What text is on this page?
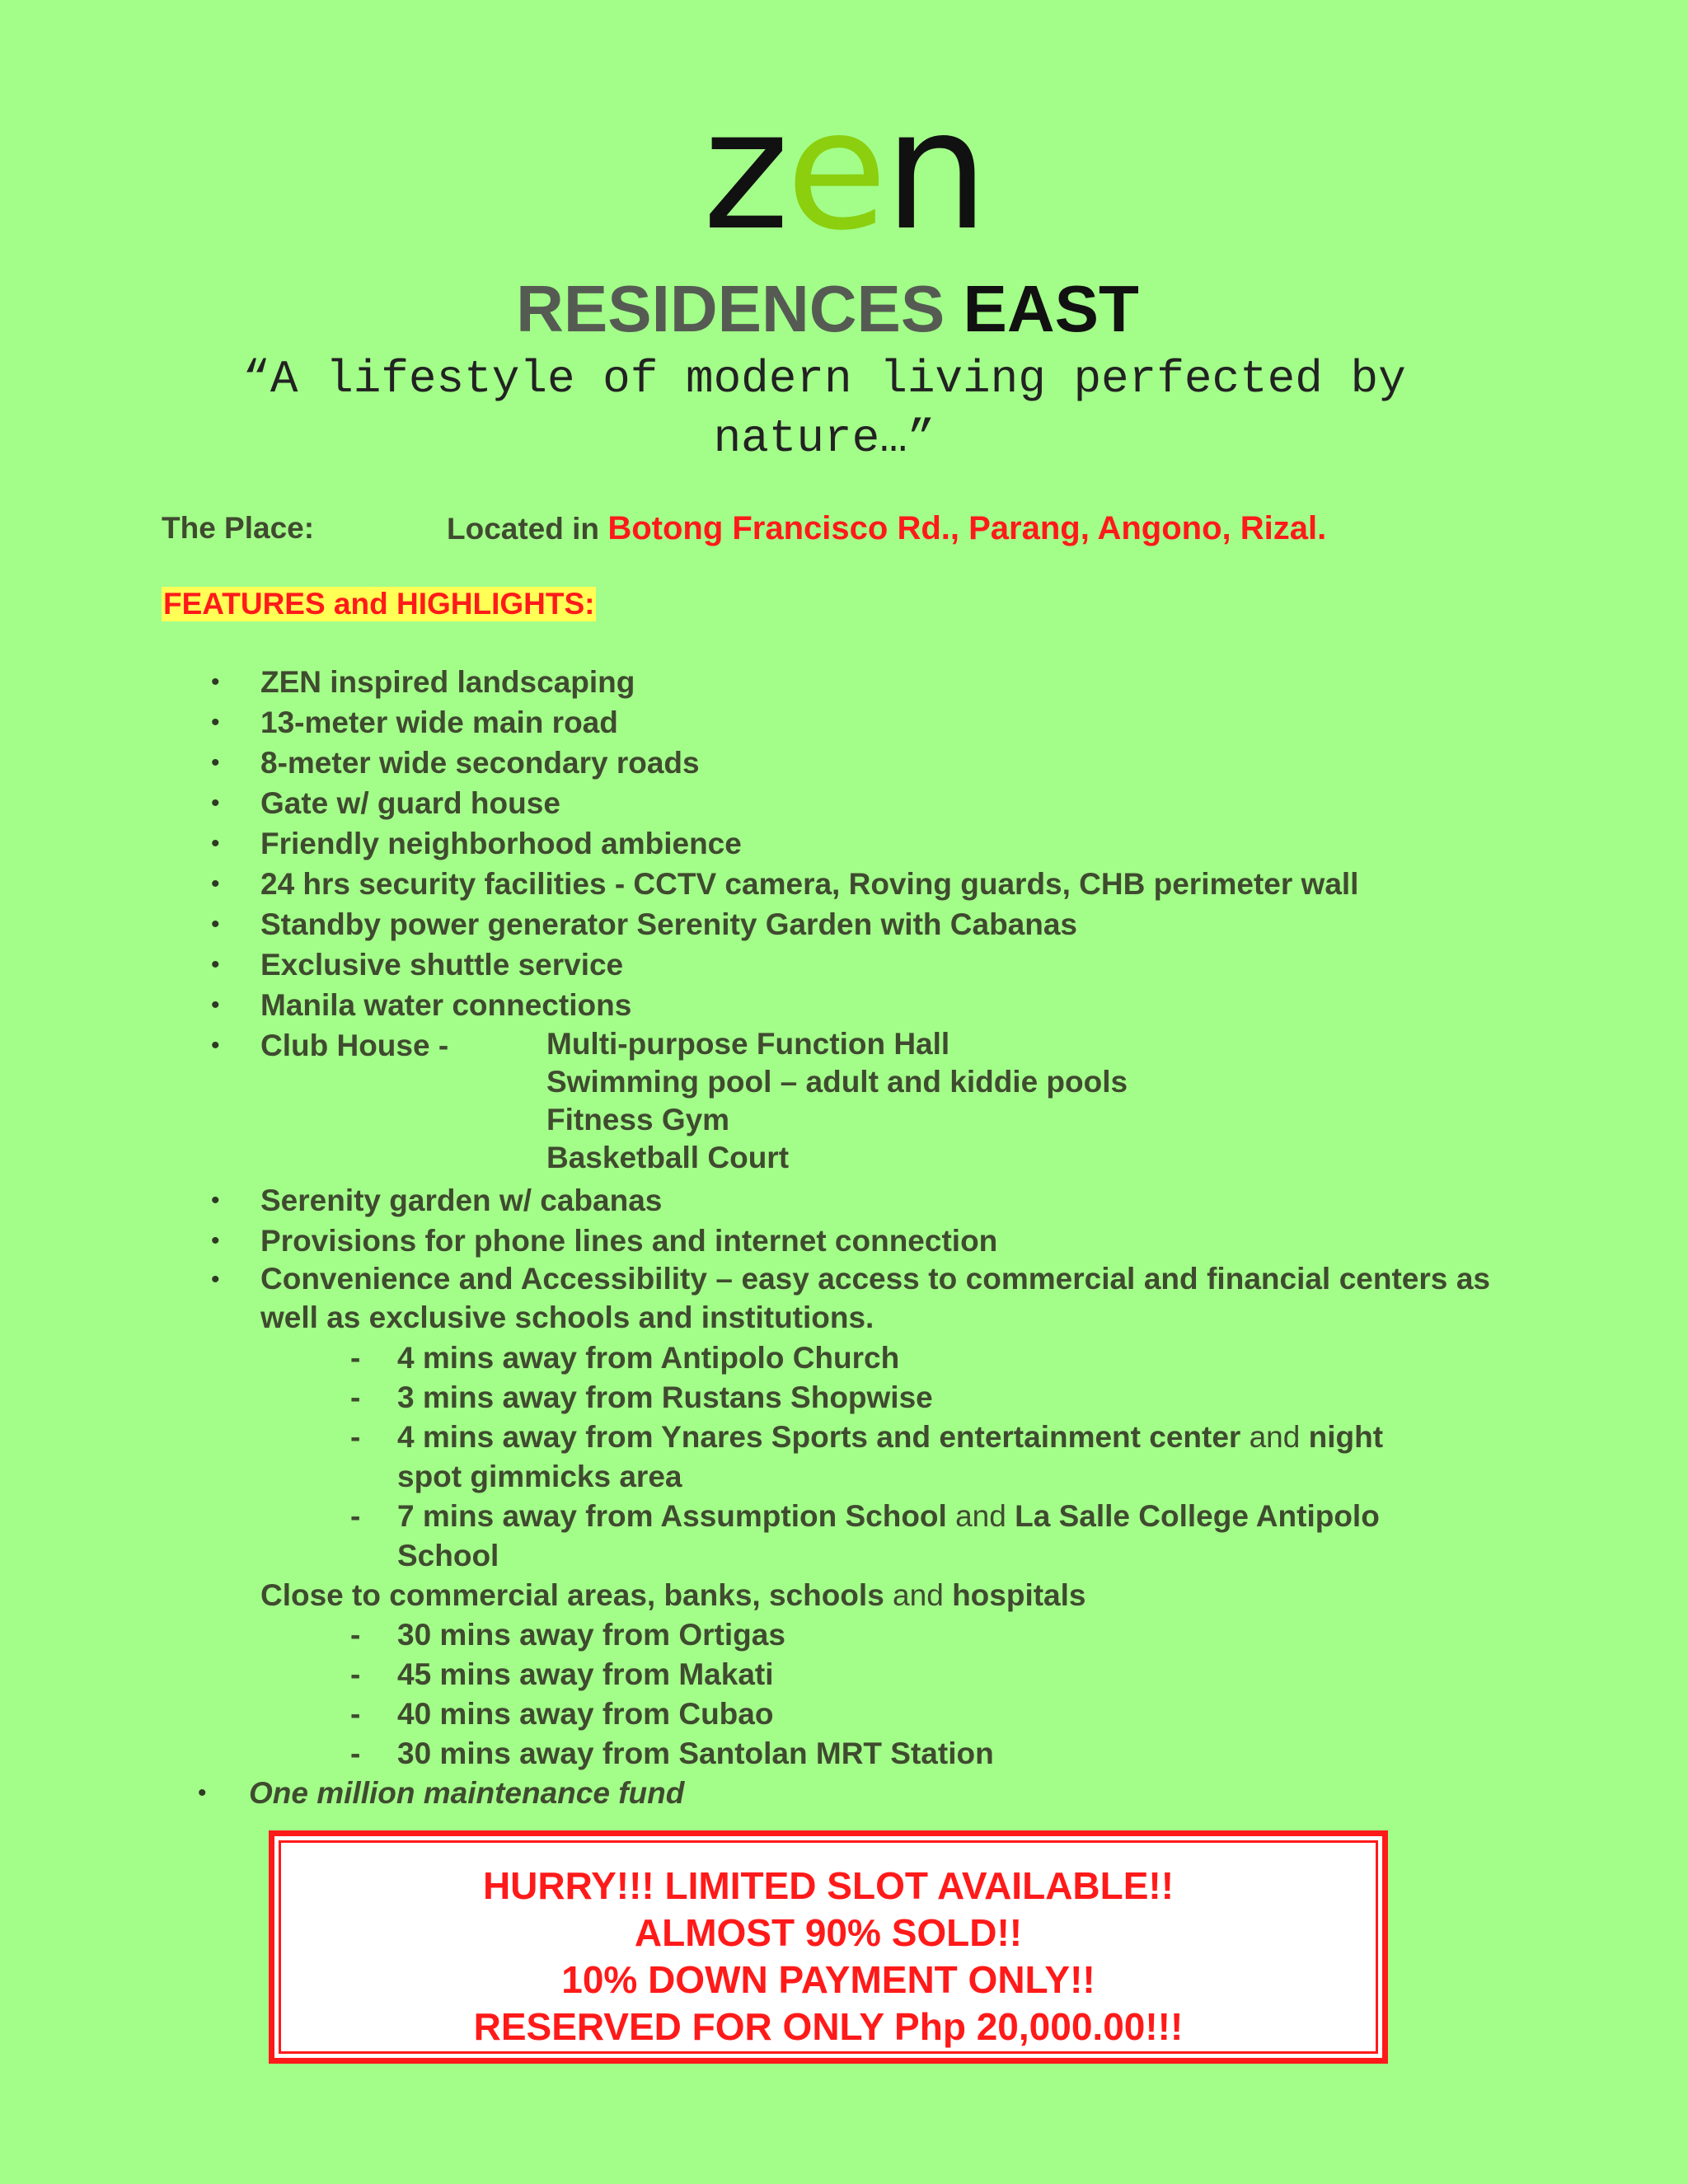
zen
RESIDENCES EAST
“A lifestyle of modern living perfected by nature…”
The Place:	Located in Botong Francisco Rd., Parang, Angono, Rizal.
FEATURES and HIGHLIGHTS:
• ZEN inspired landscaping
• 13-meter wide main road
• 8-meter wide secondary roads
• Gate w/ guard house
• Friendly neighborhood ambience
• 24 hrs security facilities - CCTV camera, Roving guards, CHB perimeter wall
• Standby power generator Serenity Garden with Cabanas
• Exclusive shuttle service
• Manila water connections
• Club House -	Multi-purpose Function Hall
Swimming pool – adult and kiddie pools
Fitness Gym
Basketball Court
• Serenity garden w/ cabanas
• Provisions for phone lines and internet connection
• Convenience and Accessibility – easy access to commercial and financial centers as well as exclusive schools and institutions.
- 4 mins away from Antipolo Church
- 3 mins away from Rustans Shopwise
- 4 mins away from Ynares Sports and entertainment center and night
spot gimmicks area
- 7 mins away from Assumption School and La Salle College Antipolo
School
Close to commercial areas, banks, schools and hospitals
- 30 mins away from Ortigas
- 45 mins away from Makati
- 40 mins away from Cubao
- 30 mins away from Santolan MRT Station
• One million maintenance fund
HURRY!!! LIMITED SLOT AVAILABLE!!
ALMOST 90% SOLD!!
10% DOWN PAYMENT ONLY!!
RESERVED FOR ONLY Php 20,000.00!!!
